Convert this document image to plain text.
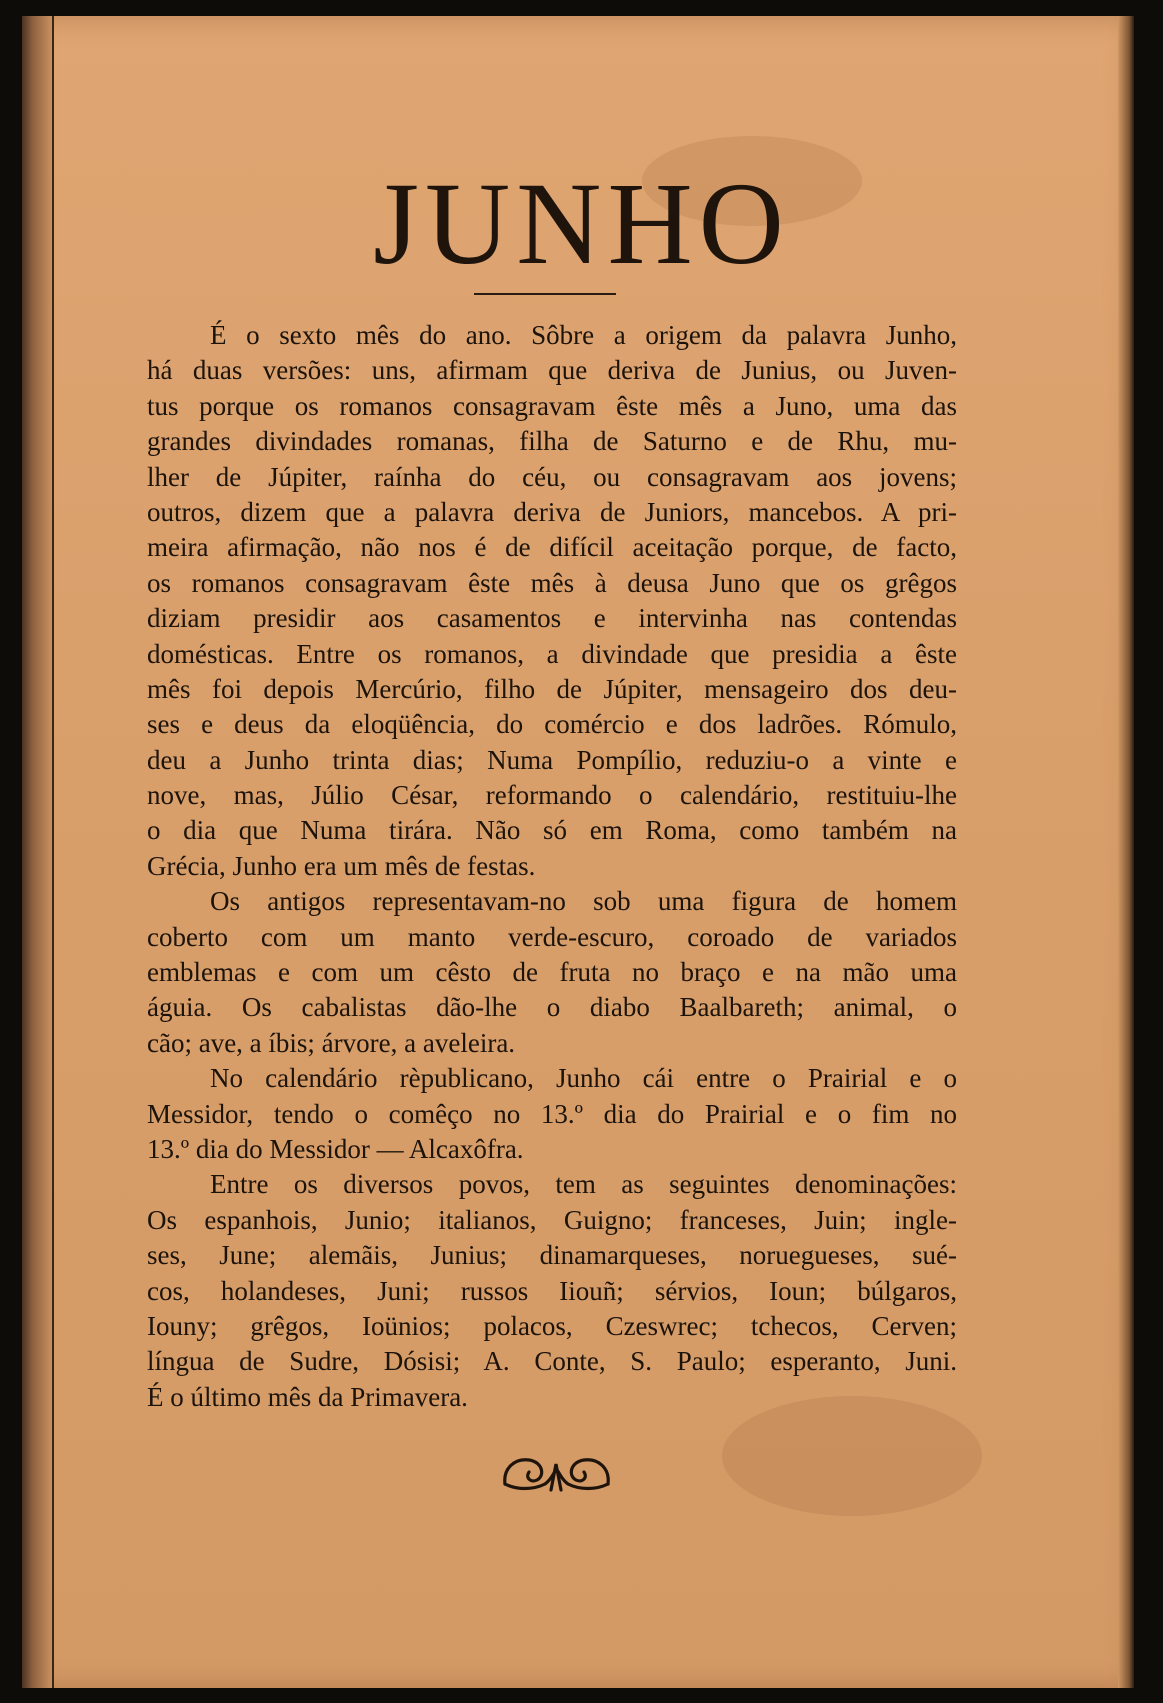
JUNHO
É o sexto mês do ano. Sôbre a origem da palavra Junho,
há duas versões: uns, afirmam que deriva de Junius, ou Juven-
tus porque os romanos consagravam êste mês a Juno, uma das
grandes divindades romanas, filha de Saturno e de Rhu, mu-
lher de Júpiter, raínha do céu, ou consagravam aos jovens;
outros, dizem que a palavra deriva de Juniors, mancebos. A pri-
meira afirmação, não nos é de difícil aceitação porque, de facto,
os romanos consagravam êste mês à deusa Juno que os grêgos
diziam presidir aos casamentos e intervinha nas contendas
domésticas. Entre os romanos, a divindade que presidia a êste
mês foi depois Mercúrio, filho de Júpiter, mensageiro dos deu-
ses e deus da eloqüência, do comércio e dos ladrões. Rómulo,
deu a Junho trinta dias; Numa Pompílio, reduziu-o a vinte e
nove, mas, Júlio César, reformando o calendário, restituiu-lhe
o dia que Numa tirára. Não só em Roma, como também na
Grécia, Junho era um mês de festas.
Os antigos representavam-no sob uma figura de homem
coberto com um manto verde-escuro, coroado de variados
emblemas e com um cêsto de fruta no braço e na mão uma
águia. Os cabalistas dão-lhe o diabo Baalbareth; animal, o
cão; ave, a íbis; árvore, a aveleira.
No calendário rèpublicano, Junho cái entre o Prairial e o
Messidor, tendo o comêço no 13.º dia do Prairial e o fim no
13.º dia do Messidor — Alcaxôfra.
Entre os diversos povos, tem as seguintes denominações:
Os espanhois, Junio; italianos, Guigno; franceses, Juin; ingle-
ses, June; alemãis, Junius; dinamarqueses, noruegueses, sué-
cos, holandeses, Juni; russos Iiouñ; sérvios, Ioun; búlgaros,
Iouny; grêgos, Ioünios; polacos, Czeswrec; tchecos, Cerven;
língua de Sudre, Dósisi; A. Conte, S. Paulo; esperanto, Juni.
É o último mês da Primavera.
